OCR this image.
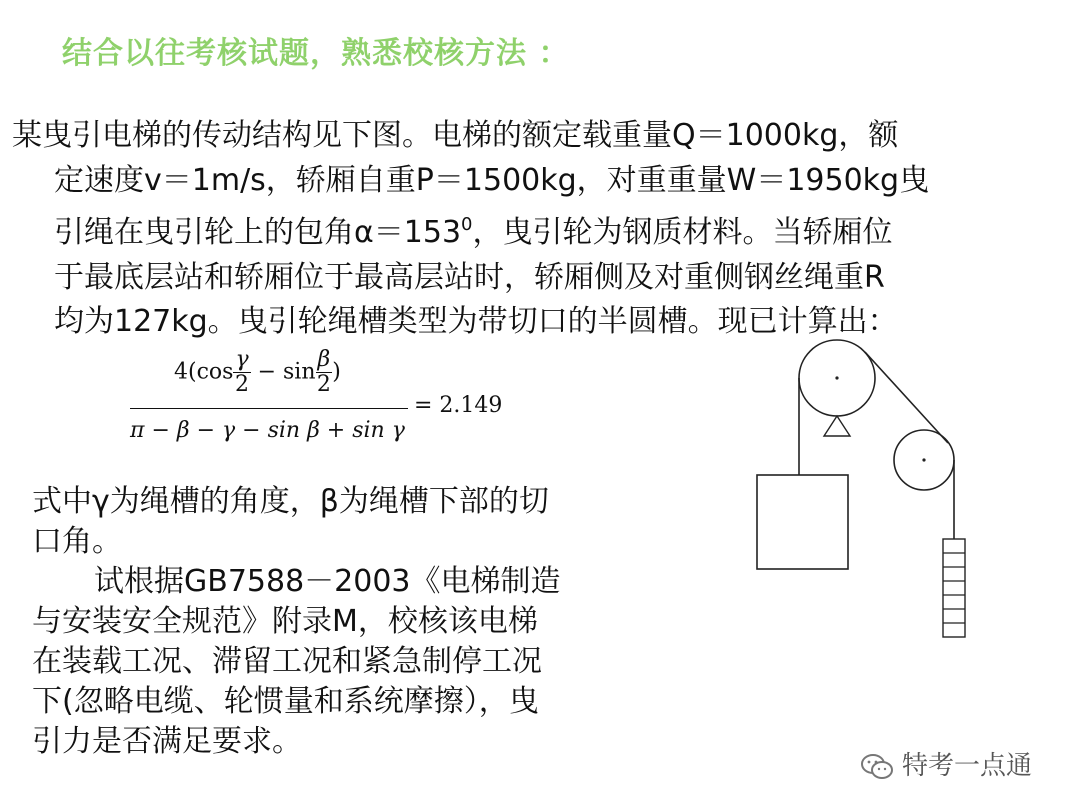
结合以往考核试题，熟悉校核方法 ：
某曳引电梯的传动结构见下图。电梯的额定载重量Q＝1000kg，额
定速度v＝1m/s，轿厢自重P＝1500kg，对重重量W＝1950kg曳
引绳在曳引轮上的包角$\alpha=153^0$，曳引轮为钢质材料。当轿厢位
于最底层站和轿厢位于最高层站时，轿厢侧及对重侧钢丝绳重R
均为127kg。曳引轮绳槽类型为带切口的半圆槽。现已计算出：
$4(\cos \frac{\gamma}{2} - \sin \frac{\beta}{2}$ )
π − β − γ − sin β + sin γ
= 2.149
式中γ为绳槽的角度，β为绳槽下部的切
口角。
试根据GB7588－2003《电梯制造
与安装安全规范》附录M，校核该电梯
在装载工况、滞留工况和紧急制停工况
下(忽略电缆、轮惯量和系统摩擦），曳
引力是否满足要求。
特考一点通
